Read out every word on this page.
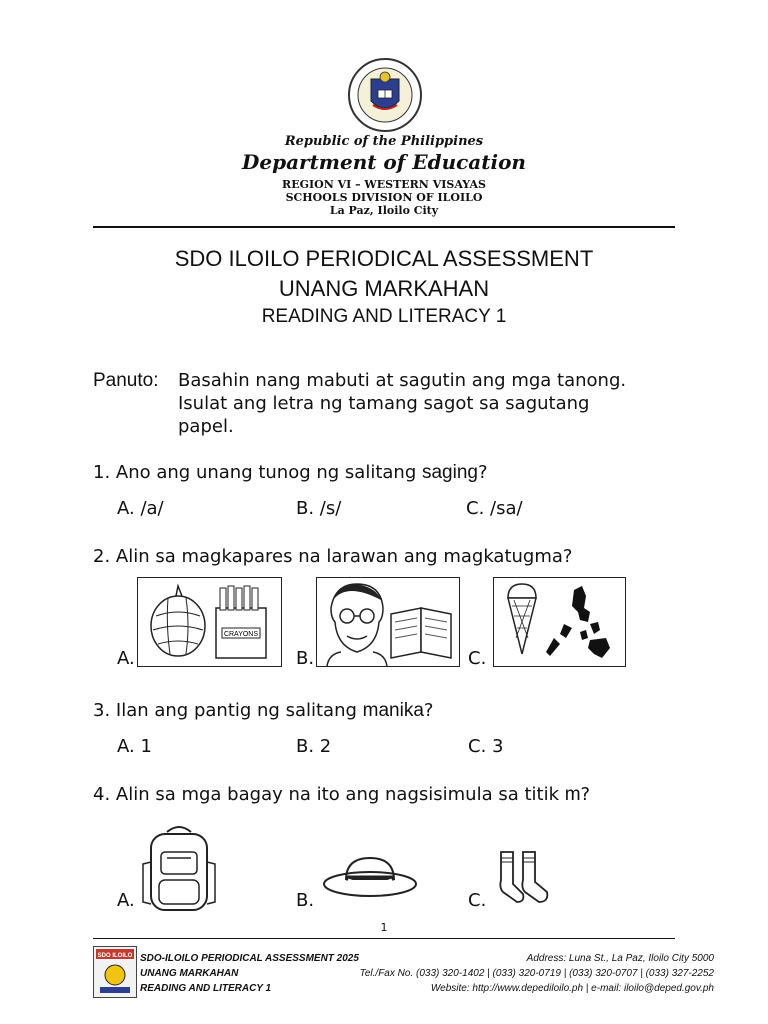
Republic of the Philippines
Department of Education
REGION VI – WESTERN VISAYAS
SCHOOLS DIVISION OF ILOILO
La Paz, Iloilo City
SDO ILOILO PERIODICAL ASSESSMENT
UNANG MARKAHAN
READING AND LITERACY 1
Panuto: Basahin nang mabuti at sagutin ang mga tanong.
Isulat ang letra ng tamang sagot sa sagutang
papel.
1. Ano ang unang tunog ng salitang saging?
A. /a/	B. /s/	C. /sa/
2. Alin sa magkapares na larawan ang magkatugma?
A.	B.	C.
CRAYONS
3. Ilan ang pantig ng salitang manika?
A. 1	B. 2	C. 3
4. Alin sa mga bagay na ito ang nagsisimula sa titik m?
A.	B.	C.
1
SDO ILOILO SDO-ILOILO PERIODICAL ASSESSMENT 2025
UNANG MARKAHAN
READING AND LITERACY 1
Address: Luna St., La Paz, Iloilo City 5000
Tel./Fax No. (033) 320-1402 | (033) 320-0719 | (033) 320-0707 | (033) 327-2252
Website: http://www.depediloilo.ph | e-mail: iloilo@deped.gov.ph
